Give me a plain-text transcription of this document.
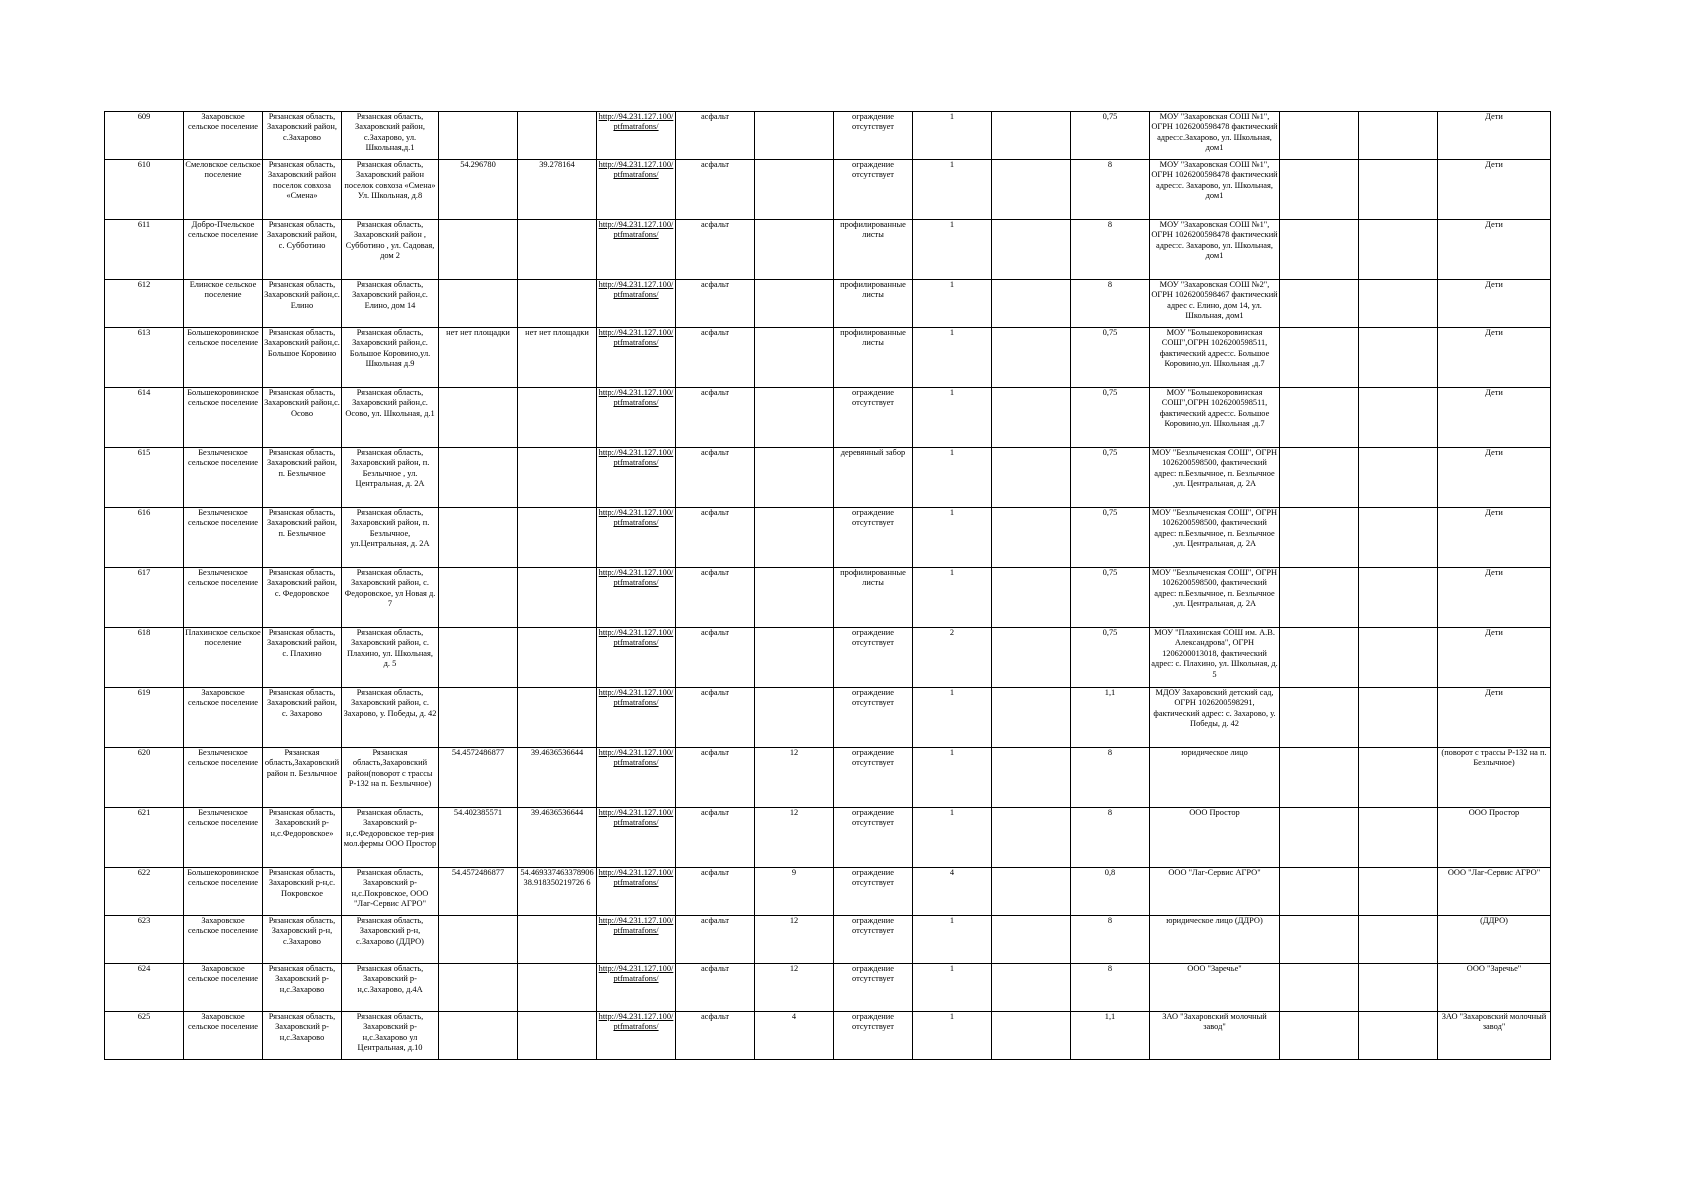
609	Захаровское сельское поселение	Рязанская область, Захаровский район, с.Захарово	Рязанская область, Захаровский район, с.Захарово, ул. Школьная,д.1			http://94.231.127.100/ptfmatrafons/	асфальт		ограждение отсутствует	1		0,75	МОУ "Захаровская СОШ №1", ОГРН 1026200598478 фактический адрес:с.Захарово, ул. Школьная, дом1			Дети
610	Смеловское сельское поселение	Рязанская область, Захаровский район поселок совхоза «Смена»	Рязанская область, Захаровский район поселок совхоза «Смена» Ул. Школьная, д.8	54.296780	39.278164	http://94.231.127.100/ptfmatrafons/	асфальт		ограждение отсутствует	1		8	МОУ "Захаровская СОШ №1", ОГРН 1026200598478 фактический адрес:с. Захарово, ул. Школьная, дом1			Дети
611	Добро-Пчельское сельское поселение	Рязанская область, Захаровский район, с. Субботино	Рязанская область, Захаровский район , Субботино , ул. Садовая, дом 2			http://94.231.127.100/ptfmatrafons/	асфальт		профилированные листы	1		8	МОУ "Захаровская СОШ №1", ОГРН 1026200598478 фактический адрес:с. Захарово, ул. Школьная, дом1			Дети
612	Елинское сельское поселение	Рязанская область, Захаровский район,с. Елино	Рязанская область, Захаровский район,с. Елино, дом 14			http://94.231.127.100/ptfmatrafons/	асфальт		профилированные листы	1		8	МОУ "Захаровская СОШ №2", ОГРН 1026200598467 фактический адрес с. Елино, дом 14, ул. Школьная, дом1			Дети
613	Большекоровинское сельское поселение	Рязанская область, Захаровский район,с. Большое Коровино	Рязанская область, Захаровский район,с. Большое Коровино,ул. Школьная д.9	нет нет площадки	нет нет площадки	http://94.231.127.100/ptfmatrafons/	асфальт		профилированные листы	1		0,75	МОУ "Большекоровинская СОШ",ОГРН 1026200598511, фактический адрес:с. Большое Коровино,ул. Школьная ,д.7			Дети
614	Большекоровинское сельское поселение	Рязанская область, Захаровский район,с. Осово	Рязанская область, Захаровский район,с. Осово, ул. Школьная, д.1			http://94.231.127.100/ptfmatrafons/	асфальт		ограждение отсутствует	1		0,75	МОУ "Большекоровинская СОШ",ОГРН 1026200598511, фактический адрес:с. Большое Коровино,ул. Школьная ,д.7			Дети
615	Безлыченское сельское поселение	Рязанская область, Захаровский район, п. Безлычное	Рязанская область, Захаровский район, п. Безлычное , ул. Центральная, д. 2А			http://94.231.127.100/ptfmatrafons/	асфальт		деревянный забор	1		0,75	МОУ "Безлыченская СОШ", ОГРН 1026200598500, фактический адрес: п.Безлычное, п. Безлычное ,ул. Центральная, д. 2А			Дети
616	Безлыченское сельское поселение	Рязанская область, Захаровский район, п. Безлычное	Рязанская область, Захаровский район, п. Безлычное, ул.Центральная, д. 2А			http://94.231.127.100/ptfmatrafons/	асфальт		ограждение отсутствует	1		0,75	МОУ "Безлыченская СОШ", ОГРН 1026200598500, фактический адрес: п.Безлычное, п. Безлычное ,ул. Центральная, д. 2А			Дети
617	Безлыченское сельское поселение	Рязанская область, Захаровский район, с. Федоровское	Рязанская область, Захаровский район, с. Федоровское, ул Новая д. 7			http://94.231.127.100/ptfmatrafons/	асфальт		профилированные листы	1		0,75	МОУ "Безлыченская СОШ", ОГРН 1026200598500, фактический адрес: п.Безлычное, п. Безлычное ,ул. Центральная, д. 2А			Дети
618	Плахинское сельское поселение	Рязанская область, Захаровский район, с. Плахино	Рязанская область, Захаровский район, с. Плахино, ул. Школьная, д. 5			http://94.231.127.100/ptfmatrafons/	асфальт		ограждение отсутствует	2		0,75	МОУ "Плахинская СОШ им. А.В. Александрова", ОГРН 1206200013018, фактический адрес: с. Плахино, ул. Школьная, д. 5			Дети
619	Захаровское сельское поселение	Рязанская область, Захаровский район, с. Захарово	Рязанская область, Захаровский район, с. Захарово, у. Победы, д. 42			http://94.231.127.100/ptfmatrafons/	асфальт		ограждение отсутствует	1		1,1	МДОУ Захаровский детский сад, ОГРН 1026200598291, фактический адрес: с. Захарово, у. Победы, д. 42			Дети
620	Безлыченское сельское поселение	Рязанская область,Захаровский район п. Безлычное	Рязанская область,Захаровский район(поворот с трассы Р-132 на п. Безлычное)	54.4572486877	39.4636536644	http://94.231.127.100/ptfmatrafons/	асфальт	12	ограждение отсутствует	1		8	юридическое лицо			(поворот с трассы Р-132 на п. Безлычное)
621	Безлыченское сельское поселение	Рязанская область, Захаровский р-н,с.Федоровское»	Рязанская область, Захаровский р-н,с.Федоровское тер-рия мол.фермы ООО Простор	54.402385571	39.4636536644	http://94.231.127.100/ptfmatrafons/	асфальт	12	ограждение отсутствует	1		8	ООО Простор			ООО Простор
622	Большекоровинское сельское поселение	Рязанская область, Захаровский р-н,с. Покровское	Рязанская область, Захаровский р-н,с.Покровское, ООО "Лаг-Сервис АГРО"	54.4572486877	54.469337463378906 38.918350219726 6	http://94.231.127.100/ptfmatrafons/	асфальт	9	ограждение отсутствует	4		0,8	ООО "Лаг-Сервис АГРО"			ООО "Лаг-Сервис АГРО"
623	Захаровское сельское поселение	Рязанская область, Захаровский р-н, с.Захарово	Рязанская область, Захаровский р-н, с.Захарово (ДДРО)			http://94.231.127.100/ptfmatrafons/	асфальт	12	ограждение отсутствует	1		8	юридическое лицо (ДДРО)			(ДДРО)
624	Захаровское сельское поселение	Рязанская область, Захаровский р-н,с.Захарово	Рязанская область, Захаровский р-н,с.Захарово, д.4А			http://94.231.127.100/ptfmatrafons/	асфальт	12	ограждение отсутствует	1		8	ООО "Заречье"			ООО "Заречье"
625	Захаровское сельское поселение	Рязанская область, Захаровский р-н,с.Захарово	Рязанская область, Захаровский р-н,с.Захарово ул Центральная, д.10			http://94.231.127.100/ptfmatrafons/	асфальт	4	ограждение отсутствует	1		1,1	ЗАО "Захаровский молочный завод"			ЗАО "Захаровский молочный завод"
